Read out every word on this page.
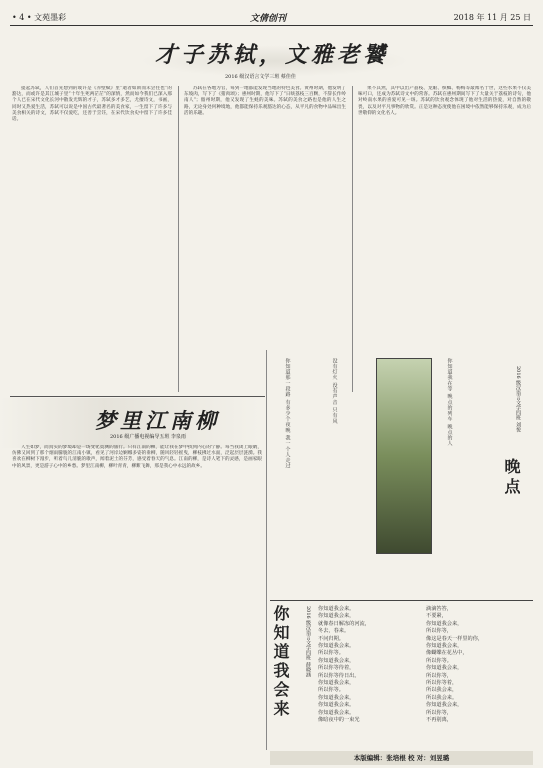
• 4 • 文苑墨彩	文倩创刊	2018 年 11 月 25 日
才子苏轼，文雅老饕
2016 级汉语言文学三班 蔡佳佳
提起苏轼，人们首先想到的或许是《赤壁赋》里“逝者如斯而未尝往也”的豁达，而或许是其江城子里“十年生死两茫茫”的深情，然而如今我们已深入那个人已在宋代文化长河中散发光辉的才子，苏轼多才多艺，尤擅诗文，书画，同时又热爱生活，苏轼可以说是中国古代最著名的美食家，一生留下了许多与美食相关的诗文，苏轼不仅爱吃，还善于烹饪，在宋代饮食史中留下了许多佳话。
苏轼在各地为官，每到一地都能发现当地的特色美食。黄州时期，他发明了东坡肉，写下了《猪肉颂》；惠州时期，他写下了“日啖荔枝三百颗，不辞长作岭南人”；儋州时期，他又发现了生蚝的美味。苏轼的美食之路也是他的人生之路，无论身处何种境地，他都能保持乐观豁达的心态，从平凡的食物中品味出生活的乐趣。
果不其然，其中以出产荔枝、龙眼、槟榔、杨梅等最闻名于世，这些水果不仅美味可口，还成为苏轼诗文中的常客。苏轼在惠州期间写下了大量关于荔枝的诗句，他对岭南水果的喜爱可见一斑。苏轼的饮食观念体现了他对生活的热爱，对自然的敬畏，以及对平凡事物的欣赏。正是这种态度使他在困境中依然能够保持乐观，成为后世敬仰的文化名人。
梦里江南柳
2016 级广播电视编导五班 李泉雨
人生如梦，而真实的梦境却是一场变化莫测的旅行。只有江南的柳，能让我在梦中找到内心的宁静。每当我闭上眼睛，仿佛又回到了那个烟雨朦胧的江南小镇，看见了河岸边婀娜多姿的垂柳，随风轻轻摇曳，柳枝拂过水面，泛起层层涟漪。我喜欢在柳树下漫步，听着鸟儿清脆的歌声，闻着泥土的芬芳，感受着春天的气息。江南的柳，是诗人笔下的灵感，是画家眼中的风景，更是游子心中的乡愁。梦里江南柳，柳叶青青，柳絮飞舞，那是我心中永远的故乡。
你知道那一段路 有多少个夜晚 我一个人走过
没有灯火 没有声音 只有风
你知道我在等 晚点的列车 晚点的人
2016 级汉语言文学四班 刘悦
晚点
你知道我会来	2016 级汉语言文学四班 薛晓涵 你知道我会来。
你知道我会来，
就像春日解冻的河流，
冬去，春来。
不问归期。
你知道我会来。
所以你等。
你知道我会来，
所以你等待着，
所以你等待日出。
你知道我会来，
所以你等。
你知道我会来，
你知道我会来。
你知道我会来。
像暗夜中的一束光
滴滴答答，
不要紧，
你知道我会来，
所以你等，
像这是春天一样里的你，
你知道我会来，
像蝴蝶在花丛中，
所以你等。
你知道我会来，
所以你等，
所以你等着，
所以我会来，
所以我会来。
你知道我会来，
所以你等，
不再别离，
本版编辑：张培根 校 对：刘昱璐
